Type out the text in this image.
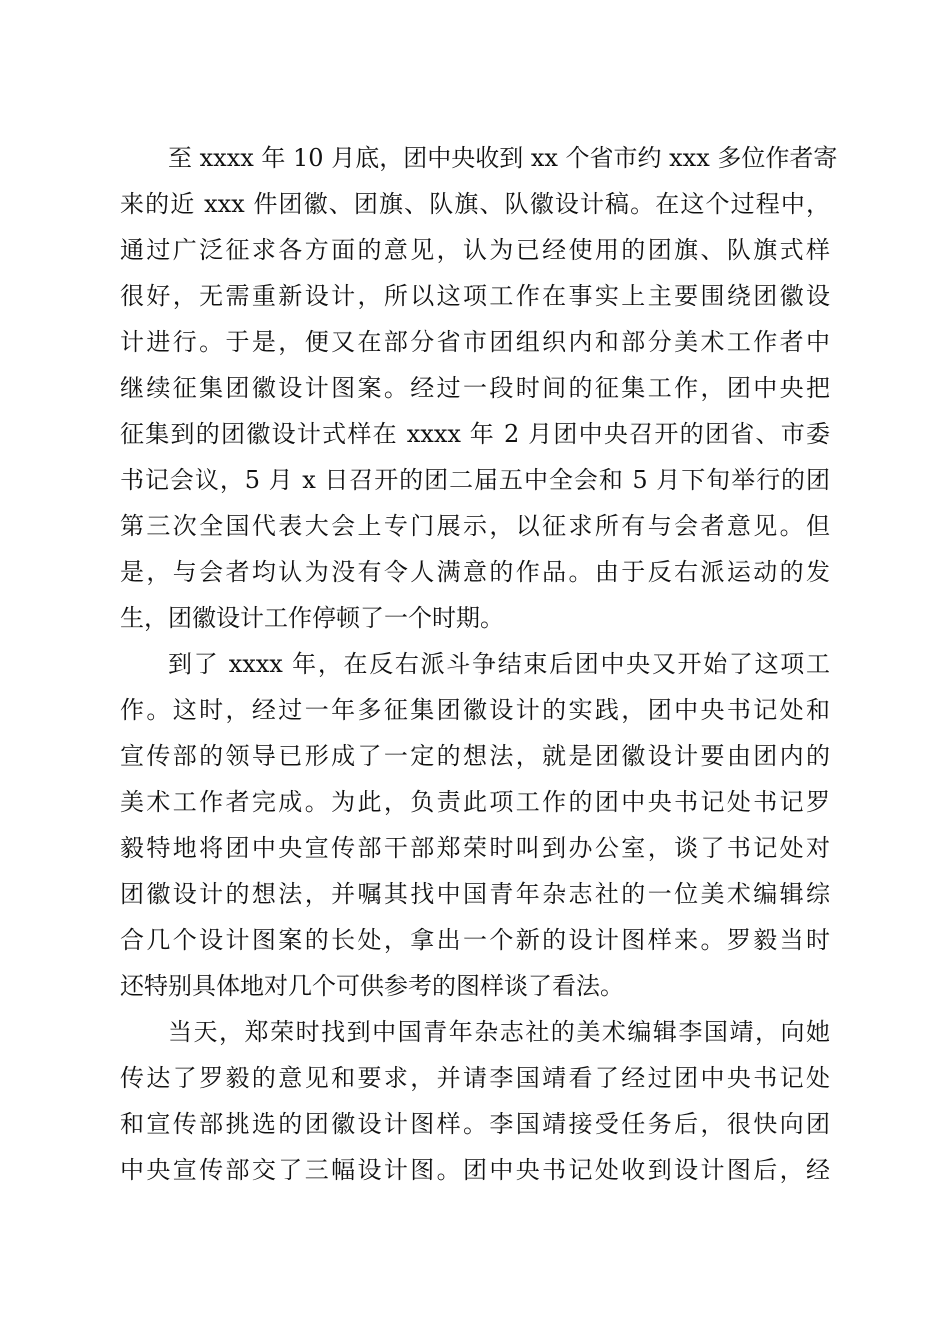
至 xxxx 年 10 月底，团中央收到 xx 个省市约 xxx 多位作者寄
来的近 xxx 件团徽、团旗、队旗、队徽设计稿。在这个过程中，
通过广泛征求各方面的意见，认为已经使用的团旗、队旗式样
很好，无需重新设计，所以这项工作在事实上主要围绕团徽设
计进行。于是，便又在部分省市团组织内和部分美术工作者中
继续征集团徽设计图案。经过一段时间的征集工作，团中央把
征集到的团徽设计式样在 xxxx 年 2 月团中央召开的团省、市委
书记会议，5 月 x 日召开的团二届五中全会和 5 月下旬举行的团
第三次全国代表大会上专门展示，以征求所有与会者意见。但
是，与会者均认为没有令人满意的作品。由于反右派运动的发
生，团徽设计工作停顿了一个时期。
到了 xxxx 年，在反右派斗争结束后团中央又开始了这项工
作。这时，经过一年多征集团徽设计的实践，团中央书记处和
宣传部的领导已形成了一定的想法，就是团徽设计要由团内的
美术工作者完成。为此，负责此项工作的团中央书记处书记罗
毅特地将团中央宣传部干部郑荣时叫到办公室，谈了书记处对
团徽设计的想法，并嘱其找中国青年杂志社的一位美术编辑综
合几个设计图案的长处，拿出一个新的设计图样来。罗毅当时
还特别具体地对几个可供参考的图样谈了看法。
当天，郑荣时找到中国青年杂志社的美术编辑李国靖，向她
传达了罗毅的意见和要求，并请李国靖看了经过团中央书记处
和宣传部挑选的团徽设计图样。李国靖接受任务后，很快向团
中央宣传部交了三幅设计图。团中央书记处收到设计图后，经
